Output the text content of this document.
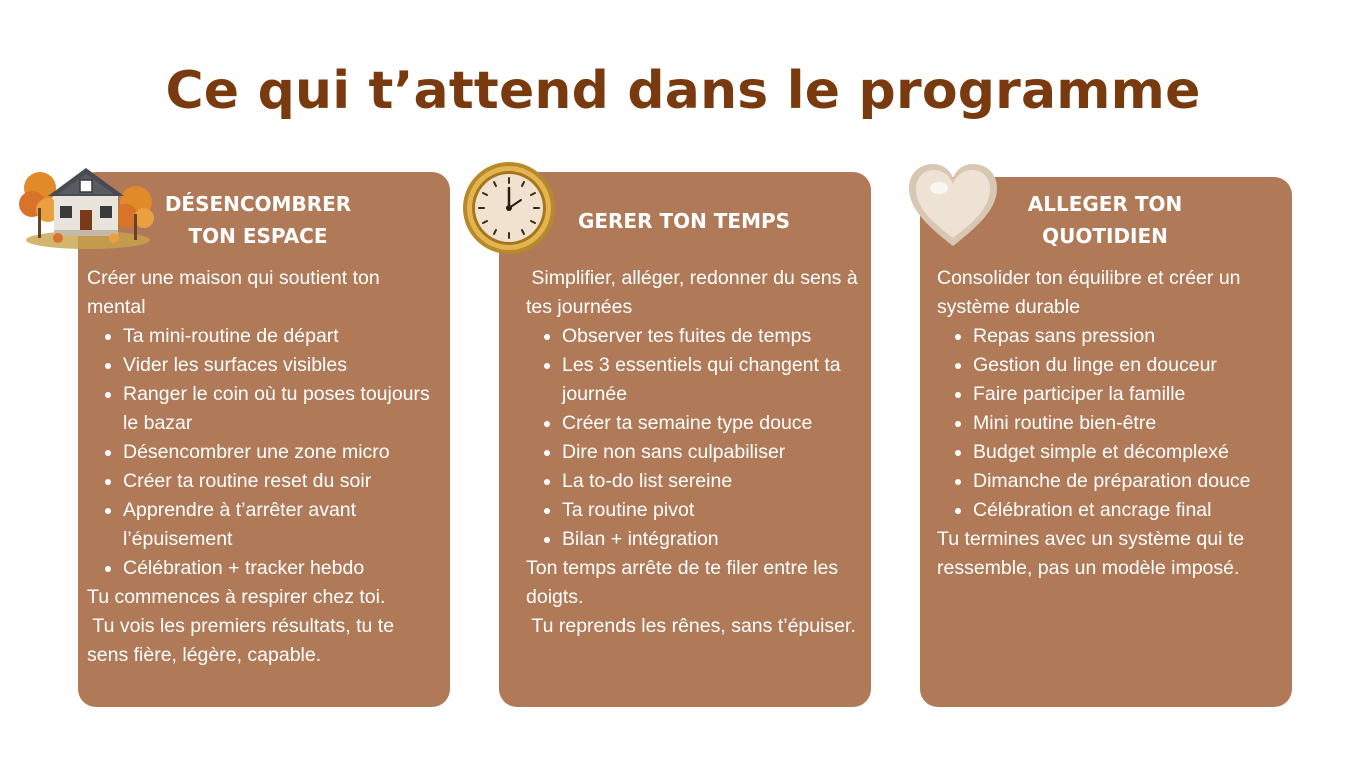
Ce qui t’attend dans le programme
DÉSENCOMBRER
TON ESPACE

Créer une maison qui soutient ton mental

• Ta mini-routine de départ
• Vider les surfaces visibles
• Ranger le coin où tu poses toujours le bazar
• Désencombrer une zone micro
• Créer ta routine reset du soir
• Apprendre à t’arrêter avant l’épuisement
• Célébration + tracker hebdo

Tu commences à respirer chez toi.

Tu vois les premiers résultats, tu te sens fière, légère, capable.

GERER TON TEMPS

Simplifier, alléger, redonner du sens à tes journées

• Observer tes fuites de temps
• Les 3 essentiels qui changent ta journée
• Créer ta semaine type douce
• Dire non sans culpabiliser
• La to-do list sereine
• Ta routine pivot
• Bilan + intégration

Ton temps arrête de te filer entre les doigts.

Tu reprends les rênes, sans t’épuiser.

ALLEGER TON
QUOTIDIEN

Consolider ton équilibre et créer un système durable

• Repas sans pression
• Gestion du linge en douceur
• Faire participer la famille
• Mini routine bien-être
• Budget simple et décomplexé
• Dimanche de préparation douce
• Célébration et ancrage final

Tu termines avec un système qui te ressemble, pas un modèle imposé.
